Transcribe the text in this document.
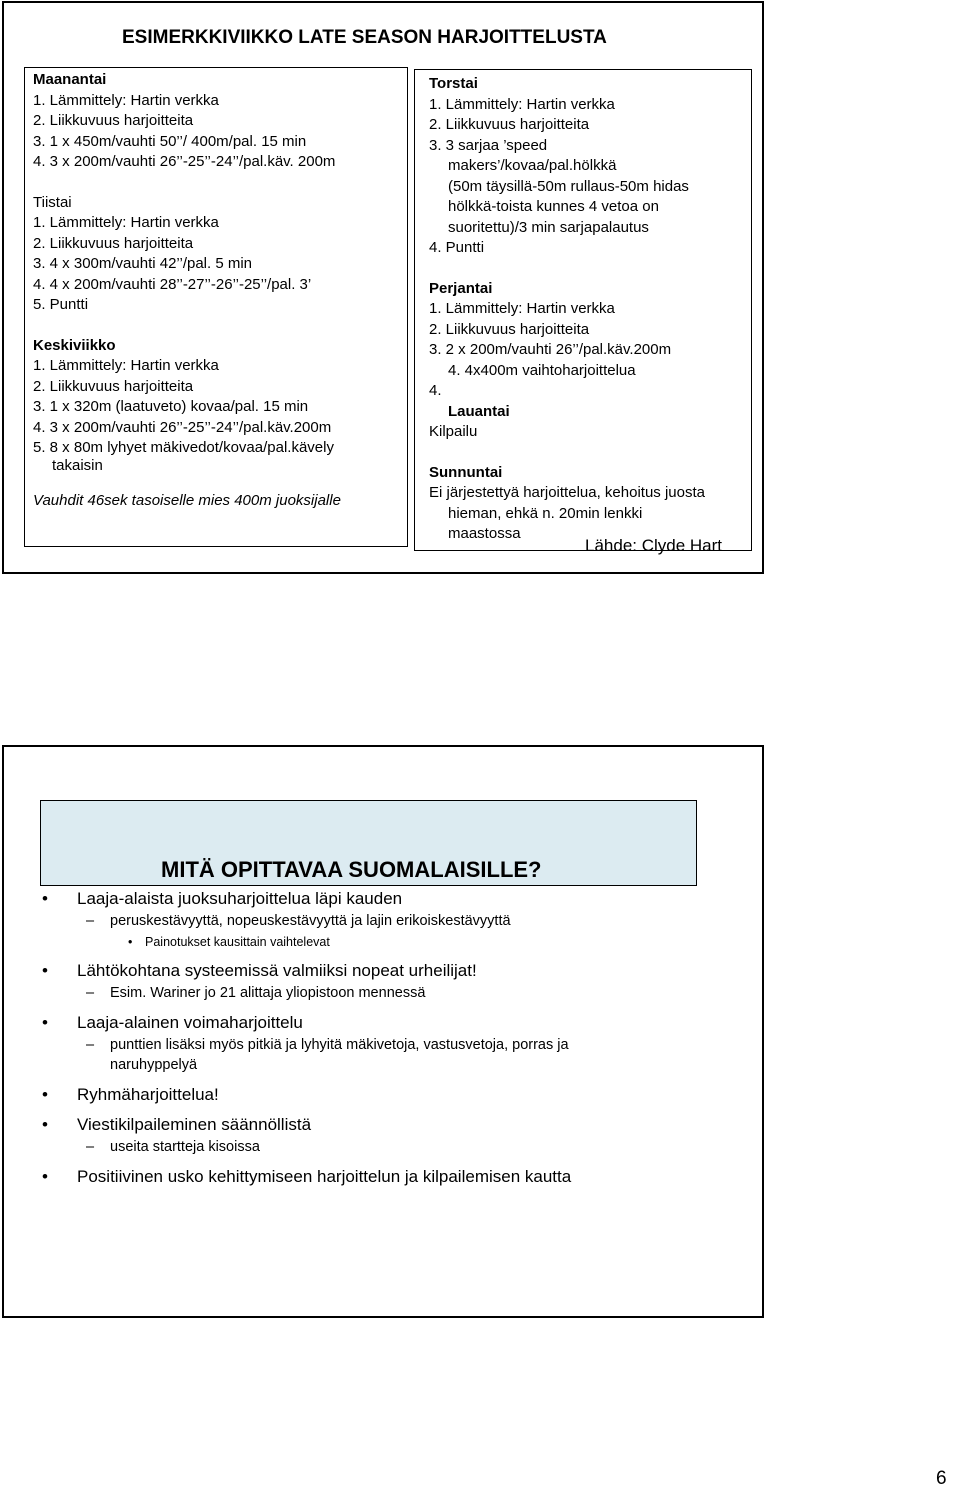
ESIMERKKIVIIKKO LATE SEASON HARJOITTELUSTA
Maanantai
1. Lämmittely: Hartin verkka
2. Liikkuvuus harjoitteita
3. 1 x 450m/vauhti 50’’/ 400m/pal. 15 min
4. 3 x 200m/vauhti 26’’-25’’-24’’/pal.käv. 200m
Tiistai
1. Lämmittely: Hartin verkka
2. Liikkuvuus harjoitteita
3. 4 x 300m/vauhti 42’’/pal. 5 min
4. 4 x 200m/vauhti 28’’-27’’-26’’-25’’/pal. 3’
5. Puntti
Keskiviikko
1. Lämmittely: Hartin verkka
2. Liikkuvuus harjoitteita
3. 1 x 320m (laatuveto) kovaa/pal. 15 min
4. 3 x 200m/vauhti 26’’-25’’-24’’/pal.käv.200m
5. 8 x 80m lyhyet mäkivedot/kovaa/pal.kävely
takaisin
Vauhdit 46sek tasoiselle mies 400m juoksijalle
Torstai
1. Lämmittely: Hartin verkka
2. Liikkuvuus harjoitteita
3. 3 sarjaa ’speed
makers’/kovaa/pal.hölkkä
(50m täysillä-50m rullaus-50m hidas
hölkkä-toista kunnes 4 vetoa on
suoritettu)/3 min sarjapalautus
4. Puntti
Perjantai
1. Lämmittely: Hartin verkka
2. Liikkuvuus harjoitteita
3. 2 x 200m/vauhti 26’’/pal.käv.200m
4. 4x400m vaihtoharjoittelua
4.
Lauantai
Kilpailu
Sunnuntai
Ei järjestettyä harjoittelua, kehoitus juosta
hieman, ehkä n. 20min lenkki
maastossa
Lähde: Clyde Hart
MITÄ OPITTAVAA SUOMALAISILLE?
• Laaja-alaista juoksuharjoittelua läpi kauden
– peruskestävyyttä, nopeuskestävyyttä ja lajin erikoiskestävyyttä
• Painotukset kausittain vaihtelevat
• Lähtökohtana systeemissä valmiiksi nopeat urheilijat!
– Esim. Wariner jo 21 alittaja yliopistoon mennessä
• Laaja-alainen voimaharjoittelu
– punttien lisäksi myös pitkiä ja lyhyitä mäkivetoja, vastusvetoja, porras ja
naruhyppelyä
• Ryhmäharjoittelua!
• Viestikilpaileminen säännöllistä
– useita startteja kisoissa
• Positiivinen usko kehittymiseen harjoittelun ja kilpailemisen kautta
6
